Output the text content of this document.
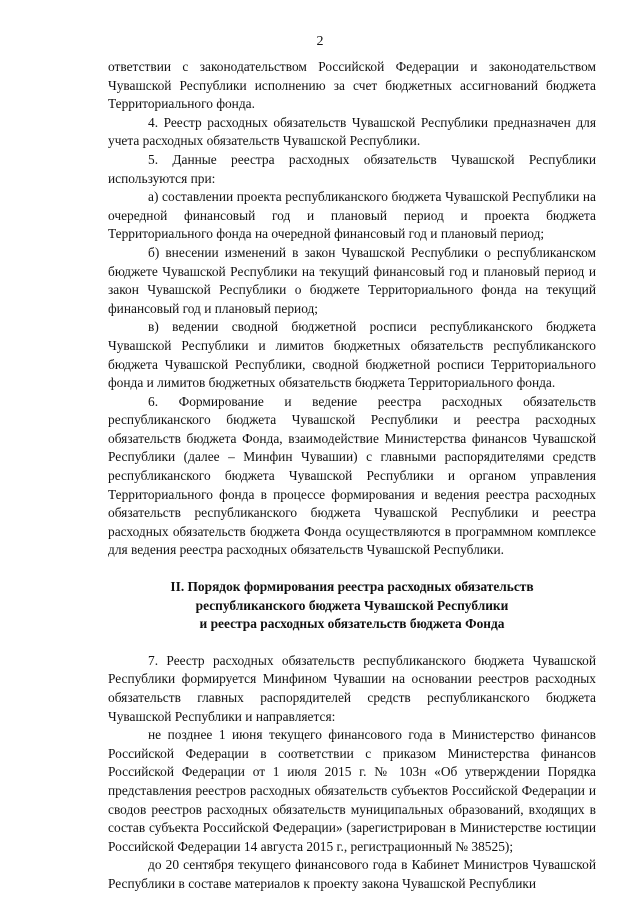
2

ответствии с законодательством Российской Федерации и законодательством Чувашской Республики исполнению за счет бюджетных ассигнований бюджета Территориального фонда.

4. Реестр расходных обязательств Чувашской Республики предназначен для учета расходных обязательств Чувашской Республики.

5. Данные реестра расходных обязательств Чувашской Республики используются при:

а) составлении проекта республиканского бюджета Чувашской Республики на очередной финансовый год и плановый период и проекта бюджета Территориального фонда на очередной финансовый год и плановый период;

б) внесении изменений в закон Чувашской Республики о республиканском бюджете Чувашской Республики на текущий финансовый год и плановый период и закон Чувашской Республики о бюджете Территориального фонда на текущий финансовый год и плановый период;

в) ведении сводной бюджетной росписи республиканского бюджета Чувашской Республики и лимитов бюджетных обязательств республиканского бюджета Чувашской Республики, сводной бюджетной росписи Территориального фонда и лимитов бюджетных обязательств бюджета Территориального фонда.

6. Формирование и ведение реестра расходных обязательств республиканского бюджета Чувашской Республики и реестра расходных обязательств бюджета Фонда, взаимодействие Министерства финансов Чувашской Республики (далее – Минфин Чувашии) с главными распорядителями средств республиканского бюджета Чувашской Республики и органом управления Территориального фонда в процессе формирования и ведения реестра расходных обязательств республиканского бюджета Чувашской Республики и реестра расходных обязательств бюджета Фонда осуществляются в программном комплексе для ведения реестра расходных обязательств Чувашской Республики.

II. Порядок формирования реестра расходных обязательств
республиканского бюджета Чувашской Республики
и реестра расходных обязательств бюджета Фонда

7. Реестр расходных обязательств республиканского бюджета Чувашской Республики формируется Минфином Чувашии на основании реестров расходных обязательств главных распорядителей средств республиканского бюджета Чувашской Республики и направляется:

не позднее 1 июня текущего финансового года в Министерство финансов Российской Федерации в соответствии с приказом Министерства финансов Российской Федерации от 1 июля 2015 г. № 103н «Об утверждении Порядка представления реестров расходных обязательств субъектов Российской Федерации и сводов реестров расходных обязательств муниципальных образований, входящих в состав субъекта Российской Федерации» (зарегистрирован в Министерстве юстиции Российской Федерации 14 августа 2015 г., регистрационный № 38525);

до 20 сентября текущего финансового года в Кабинет Министров Чувашской Республики в составе материалов к проекту закона Чувашской Республики
